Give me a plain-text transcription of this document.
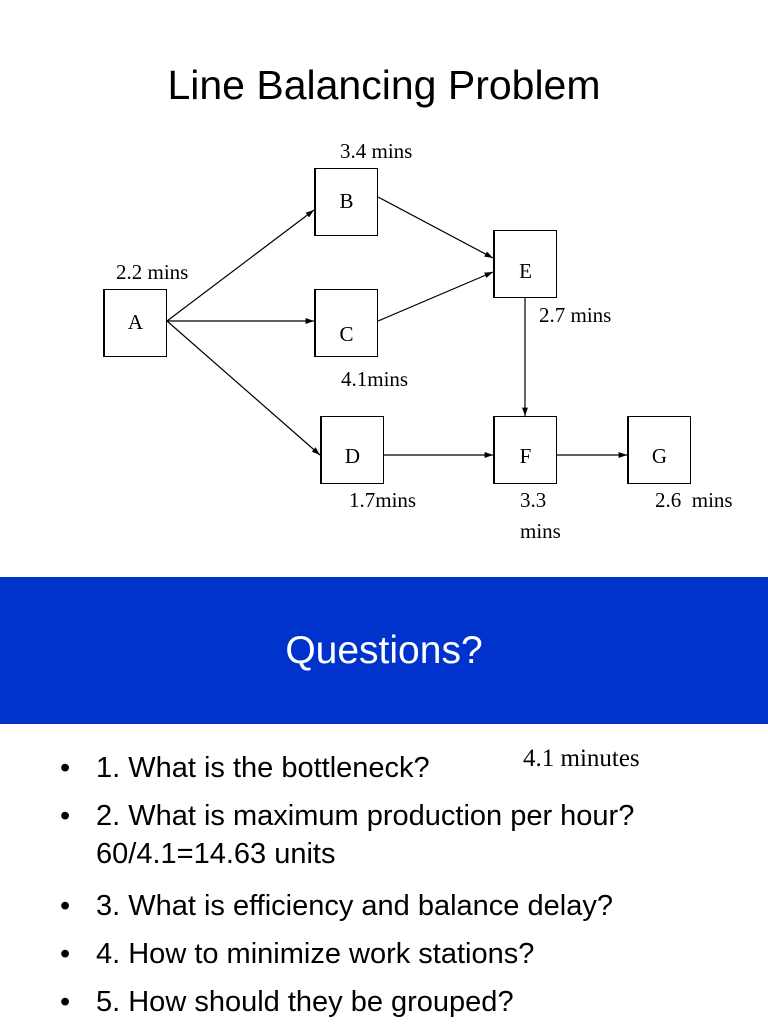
Line Balancing Problem
A
B
C
D
E
F	G
2.2 mins
3.4 mins
4.1mins
1.7mins
2.7 mins
3.3
mins
2.6  mins
Questions?
• 1. What is the bottleneck?	4.1 minutes
• 2. What is maximum production per hour? 60/4.1=14.63 units
• 3. What is efficiency and balance delay?
• 4. How to minimize work stations?
• 5. How should they be grouped?
